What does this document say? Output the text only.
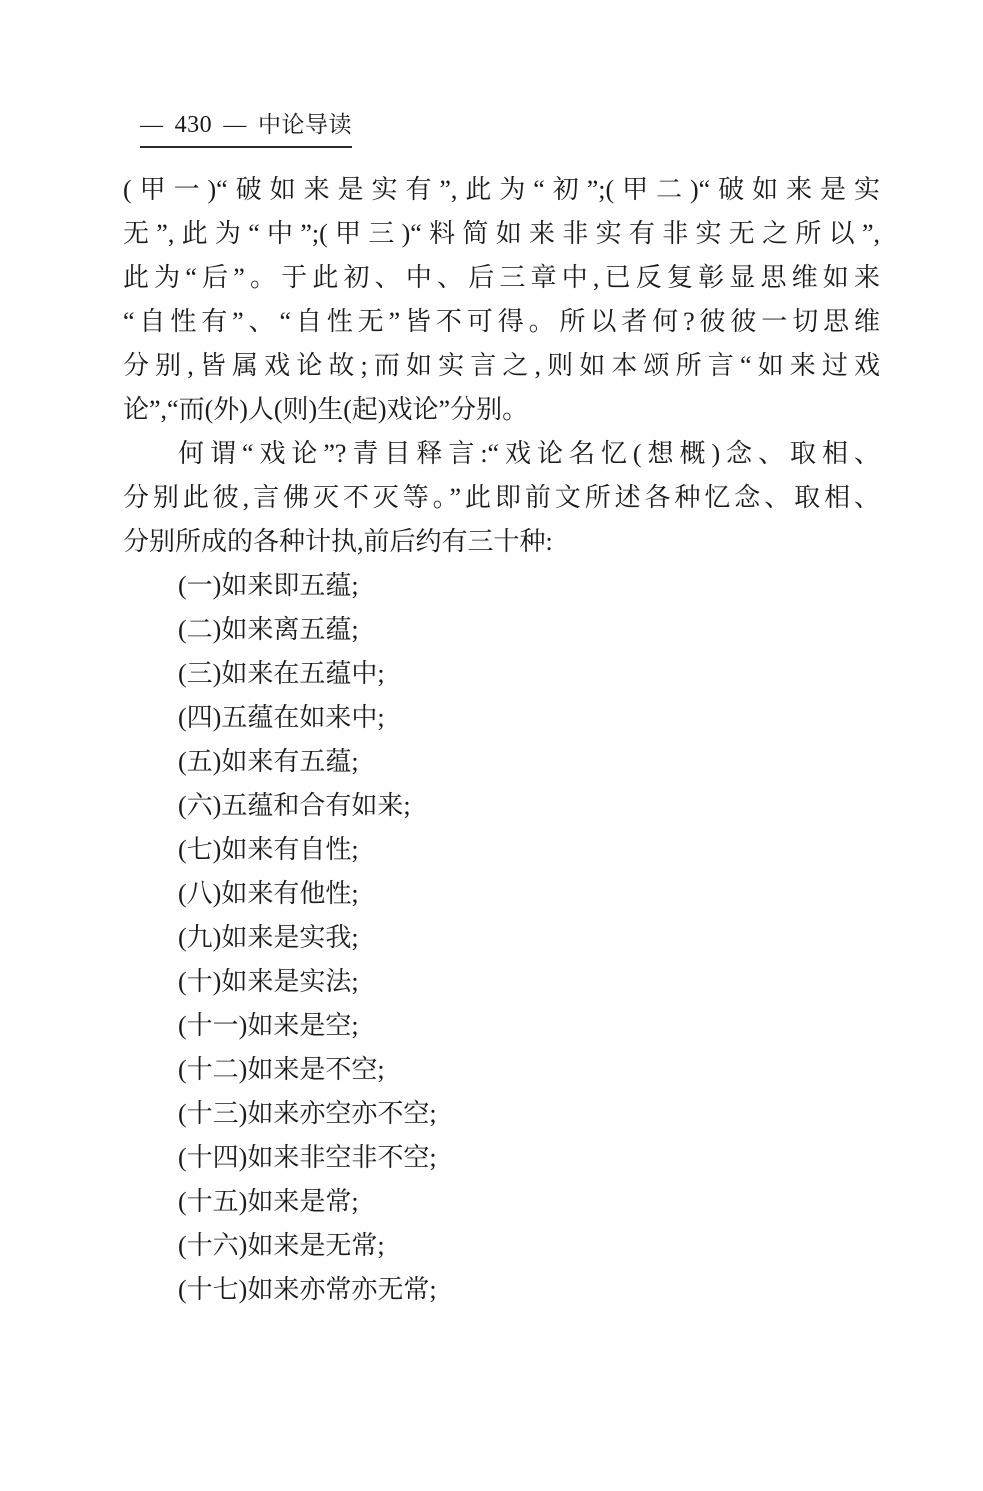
— 430 — 中论导读
(甲一)“破如来是实有”,此为“初”;(甲二)“破如来是实
无”,此为“中”;(甲三)“料简如来非实有非实无之所以”,
此为“后”。于此初、中、后三章中,已反复彰显思维如来
“自性有”、“自性无”皆不可得。所以者何?彼彼一切思维
分别,皆属戏论故;而如实言之,则如本颂所言“如来过戏
论”,“而(外)人(则)生(起)戏论”分别。
何谓“戏论”?青目释言:“戏论名忆(想概)念、取相、
分别此彼,言佛灭不灭等。”此即前文所述各种忆念、取相、
分别所成的各种计执,前后约有三十种:
(一)如来即五蕴;
(二)如来离五蕴;
(三)如来在五蕴中;
(四)五蕴在如来中;
(五)如来有五蕴;
(六)五蕴和合有如来;
(七)如来有自性;
(八)如来有他性;
(九)如来是实我;
(十)如来是实法;
(十一)如来是空;
(十二)如来是不空;
(十三)如来亦空亦不空;
(十四)如来非空非不空;
(十五)如来是常;
(十六)如来是无常;
(十七)如来亦常亦无常;
